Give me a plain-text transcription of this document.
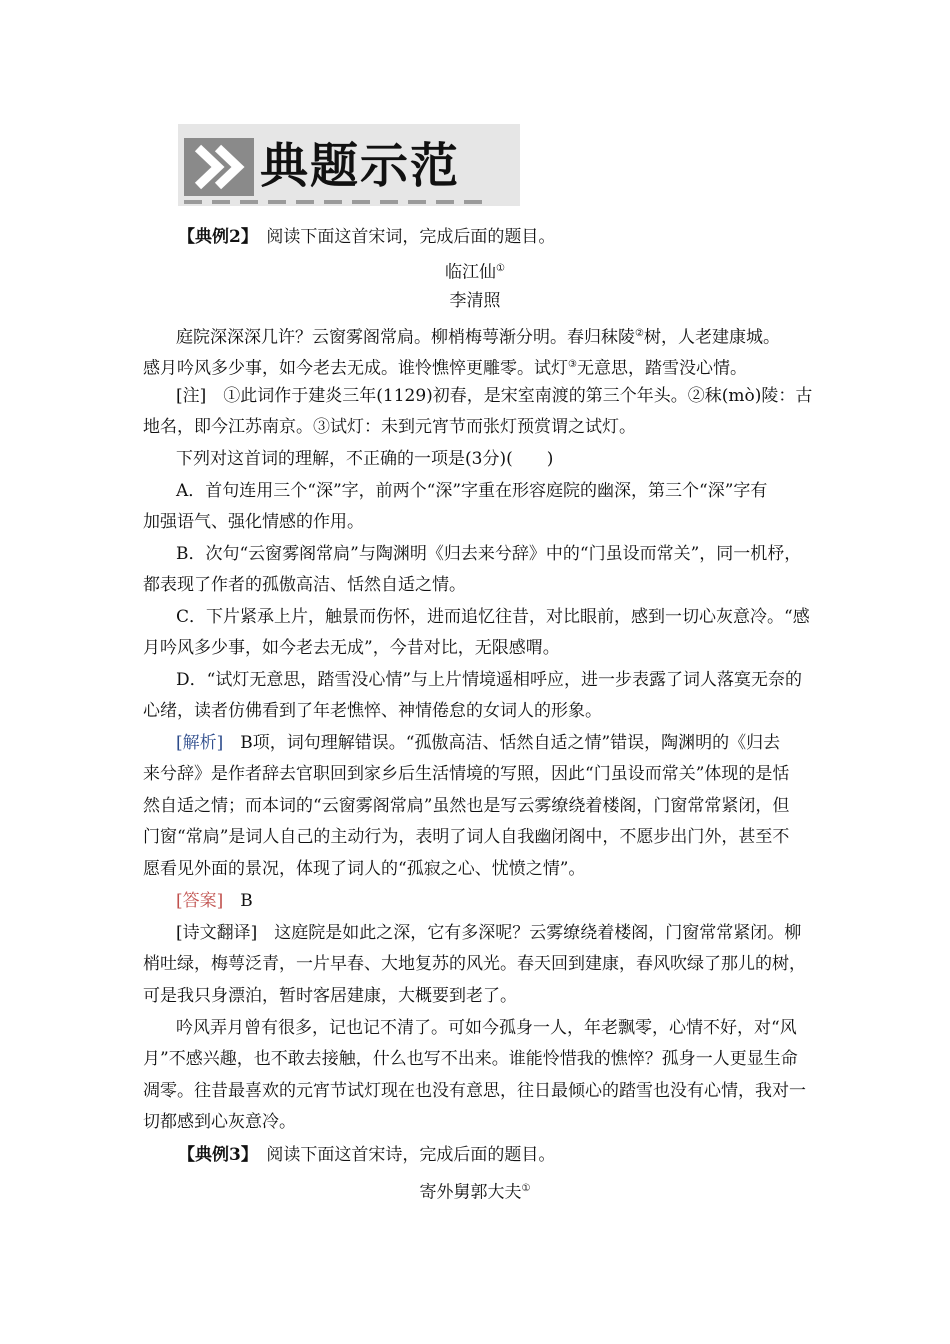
典题示范
【典例2】　 阅读下面这首宋词，完成后面的题目。
临江仙①
李清照
庭院深深深几许？云窗雾阁常扃。柳梢梅萼渐分明。春归秣陵②树，人老建康城。
感月吟风多少事，如今老去无成。谁怜憔悴更雕零。试灯③无意思，踏雪没心情。
[注]　①此词作于建炎三年(1129)初春，是宋室南渡的第三个年头。②秣(mò)陵：古
地名，即今江苏南京。③试灯：未到元宵节而张灯预赏谓之试灯。
下列对这首词的理解，不正确的一项是(3分)(　　)
A．首句连用三个“深”字，前两个“深”字重在形容庭院的幽深，第三个“深”字有
加强语气、强化情感的作用。
B．次句“云窗雾阁常扃”与陶渊明《归去来兮辞》中的“门虽设而常关”，同一机杼，
都表现了作者的孤傲高洁、恬然自适之情。
C．下片紧承上片，触景而伤怀，进而追忆往昔，对比眼前，感到一切心灰意冷。“感
月吟风多少事，如今老去无成”，今昔对比，无限感喟。
D．“试灯无意思，踏雪没心情”与上片情境遥相呼应，进一步表露了词人落寞无奈的
心绪，读者仿佛看到了年老憔悴、神情倦怠的女词人的形象。
[解析]　B项，词句理解错误。“孤傲高洁、恬然自适之情”错误，陶渊明的《归去
来兮辞》是作者辞去官职回到家乡后生活情境的写照，因此“门虽设而常关”体现的是恬
然自适之情；而本词的“云窗雾阁常扃”虽然也是写云雾缭绕着楼阁，门窗常常紧闭，但
门窗“常扃”是词人自己的主动行为，表明了词人自我幽闭阁中，不愿步出门外，甚至不
愿看见外面的景况，体现了词人的“孤寂之心、忧愤之情”。
[答案]　B
[诗文翻译]　这庭院是如此之深，它有多深呢？云雾缭绕着楼阁，门窗常常紧闭。柳
梢吐绿，梅萼泛青，一片早春、大地复苏的风光。春天回到建康，春风吹绿了那儿的树，
可是我只身漂泊，暂时客居建康，大概要到老了。
吟风弄月曾有很多，记也记不清了。可如今孤身一人，年老飘零，心情不好，对“风
月”不感兴趣，也不敢去接触，什么也写不出来。谁能怜惜我的憔悴？孤身一人更显生命
凋零。往昔最喜欢的元宵节试灯现在也没有意思，往日最倾心的踏雪也没有心情，我对一
切都感到心灰意冷。
【典例3】　 阅读下面这首宋诗，完成后面的题目。
寄外舅郭大夫①
